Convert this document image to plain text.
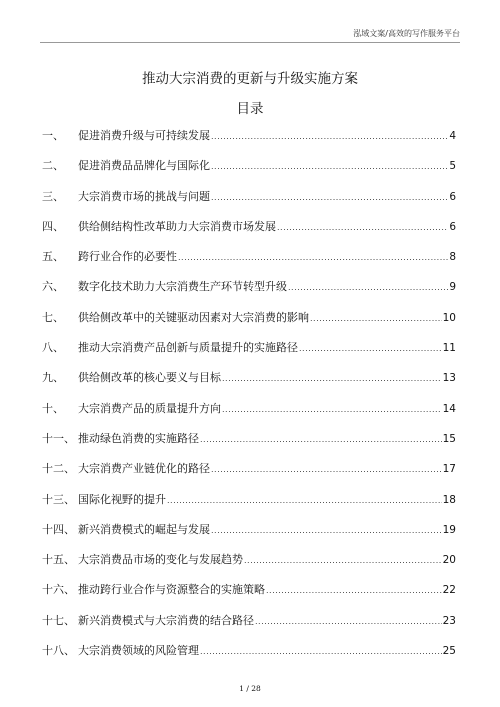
泓域文案/高效的写作服务平台
推动大宗消费的更新与升级实施方案
目录
一、	促进消费升级与可持续发展 .....	4
二、	促进消费品品牌化与国际化 .....	5
三、	大宗消费市场的挑战与问题 .....	6
四、	供给侧结构性改革助力大宗消费市场发展 .....	6
五、	跨行业合作的必要性 .....	8
六、	数字化技术助力大宗消费生产环节转型升级 .....	9
七、	供给侧改革中的关键驱动因素对大宗消费的影响 .....	10
八、	推动大宗消费产品创新与质量提升的实施路径 .....	11
九、	供给侧改革的核心要义与目标 .....	13
十、	大宗消费产品的质量提升方向 .....	14
十一、 推动绿色消费的实施路径 .....	15
十二、 大宗消费产业链优化的路径 .....	17
十三、 国际化视野的提升 .....	18
十四、 新兴消费模式的崛起与发展 .....	19
十五、 大宗消费品市场的变化与发展趋势 .....	20
十六、 推动跨行业合作与资源整合的实施策略 .....	22
十七、 新兴消费模式与大宗消费的结合路径 .....	23
十八、 大宗消费领域的风险管理 .....	25
1 / 28
